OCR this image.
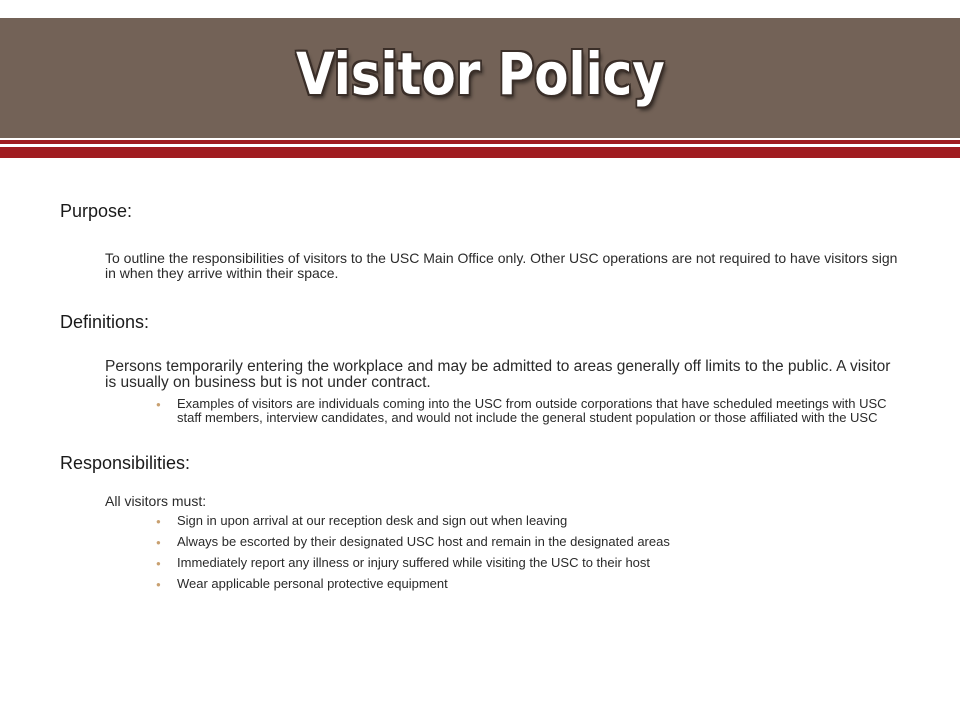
Visitor Policy
Purpose:

To outline the responsibilities of visitors to the USC Main Office only. Other USC operations are not required to have visitors sign in when they arrive within their space.

Definitions:

Persons temporarily entering the workplace and may be admitted to areas generally off limits to the public. A visitor is usually on business but is not under contract.

● Examples of visitors are individuals coming into the USC from outside corporations that have scheduled meetings with USC staff members, interview candidates, and would not include the general student population or those affiliated with the USC
Responsibilities:

All visitors must:

● Sign in upon arrival at our reception desk and sign out when leaving
● Always be escorted by their designated USC host and remain in the designated areas
● Immediately report any illness or injury suffered while visiting the USC to their host
● Wear applicable personal protective equipment
